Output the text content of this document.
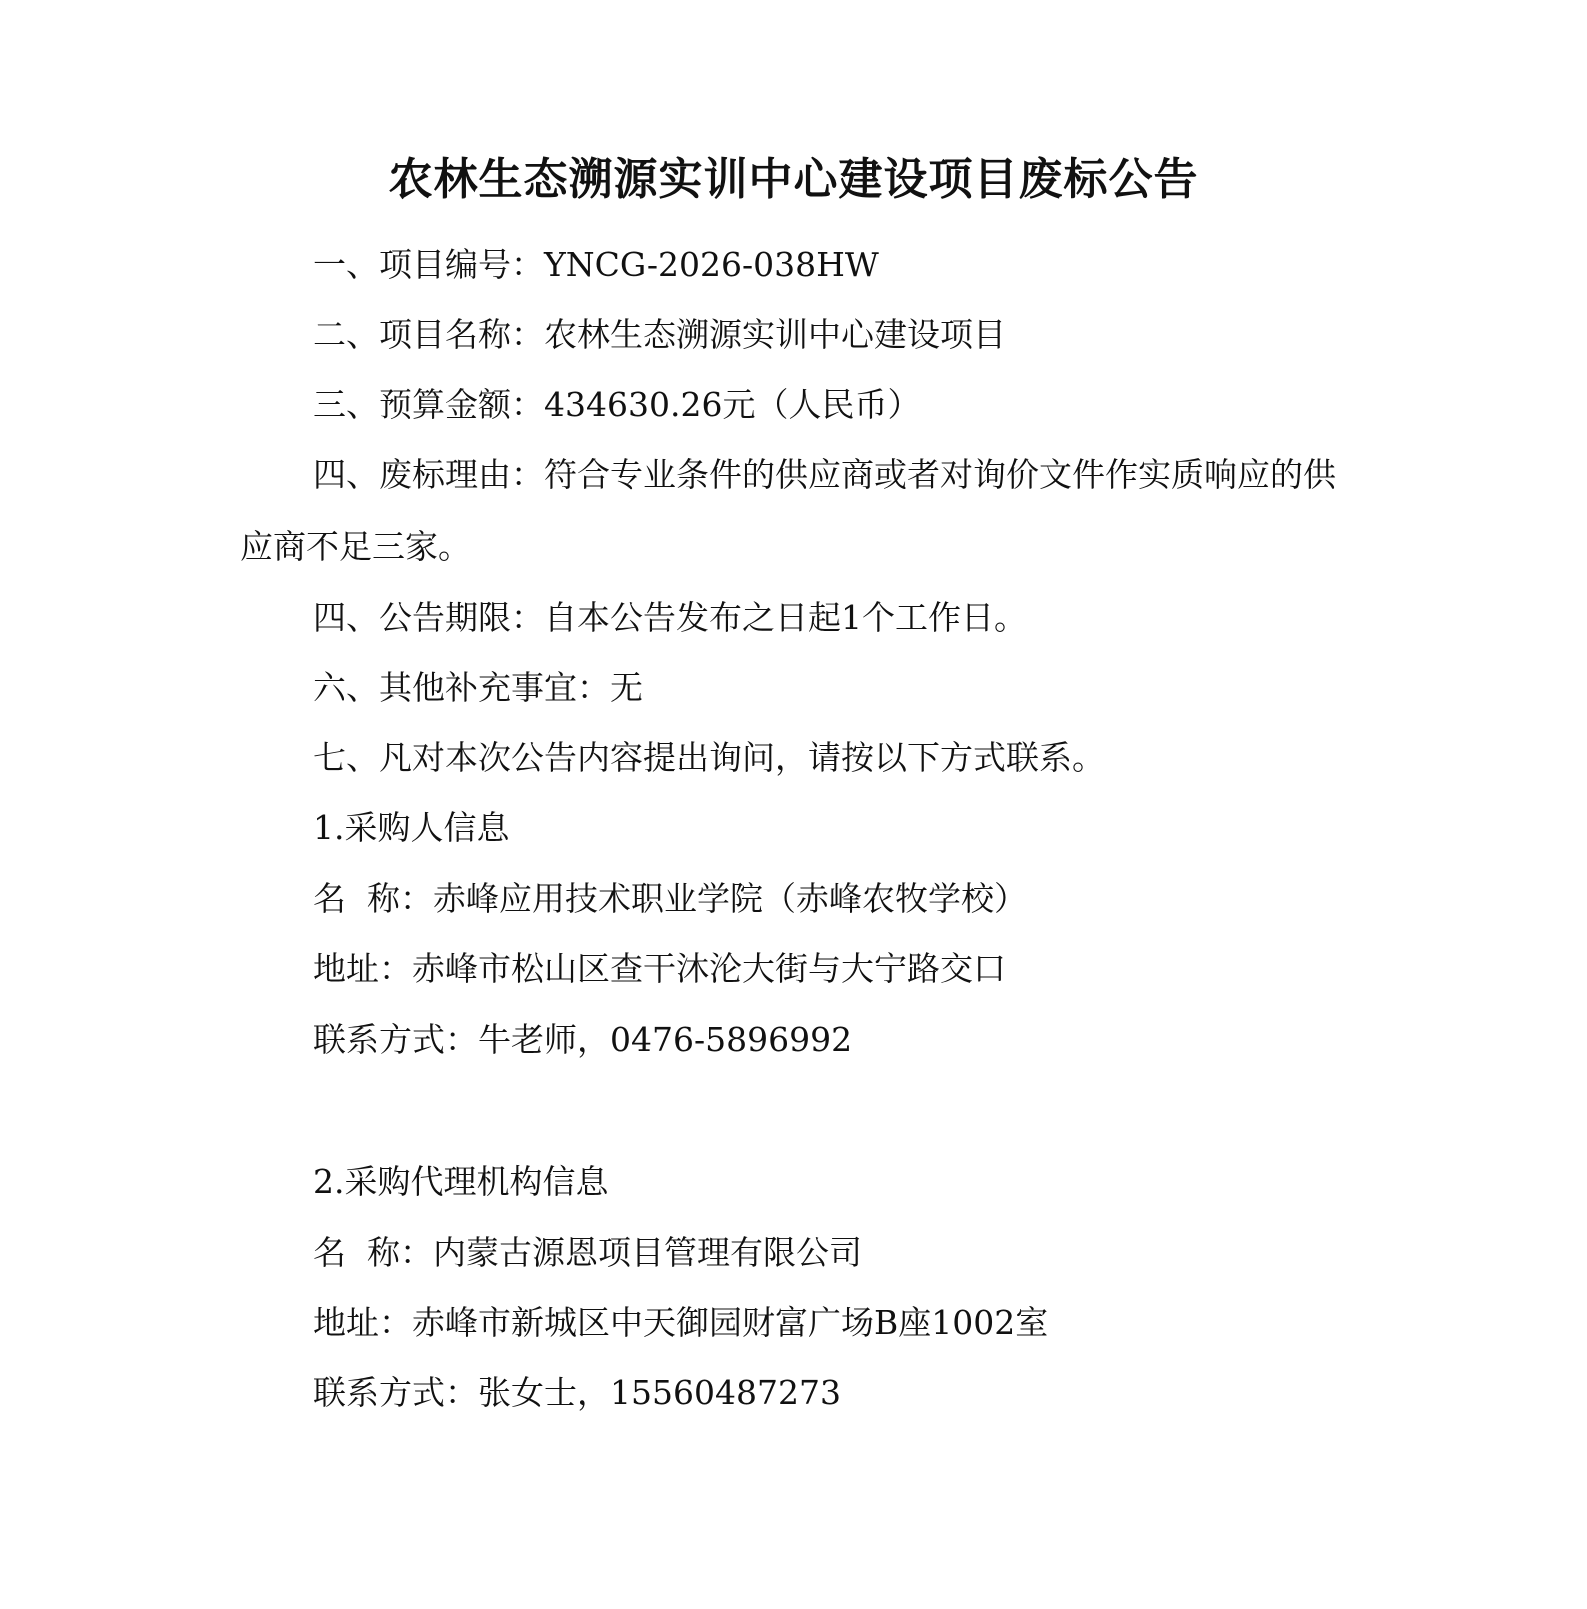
农林生态溯源实训中心建设项目废标公告
一、项目编号：YNCG-2026-038HW
二、项目名称：农林生态溯源实训中心建设项目
三、预算金额：434630.26元（人民币）
四、废标理由：符合专业条件的供应商或者对询价文件作实质响应的供应商不足三家。
四、公告期限：自本公告发布之日起1个工作日。
六、其他补充事宜：无
七、凡对本次公告内容提出询问，请按以下方式联系。
1.采购人信息
名  称：赤峰应用技术职业学院（赤峰农牧学校）
地址：赤峰市松山区查干沐沦大街与大宁路交口
联系方式：牛老师，0476-5896992
2.采购代理机构信息
名  称：内蒙古源恩项目管理有限公司
地址：赤峰市新城区中天御园财富广场B座1002室
联系方式：张女士，15560487273
